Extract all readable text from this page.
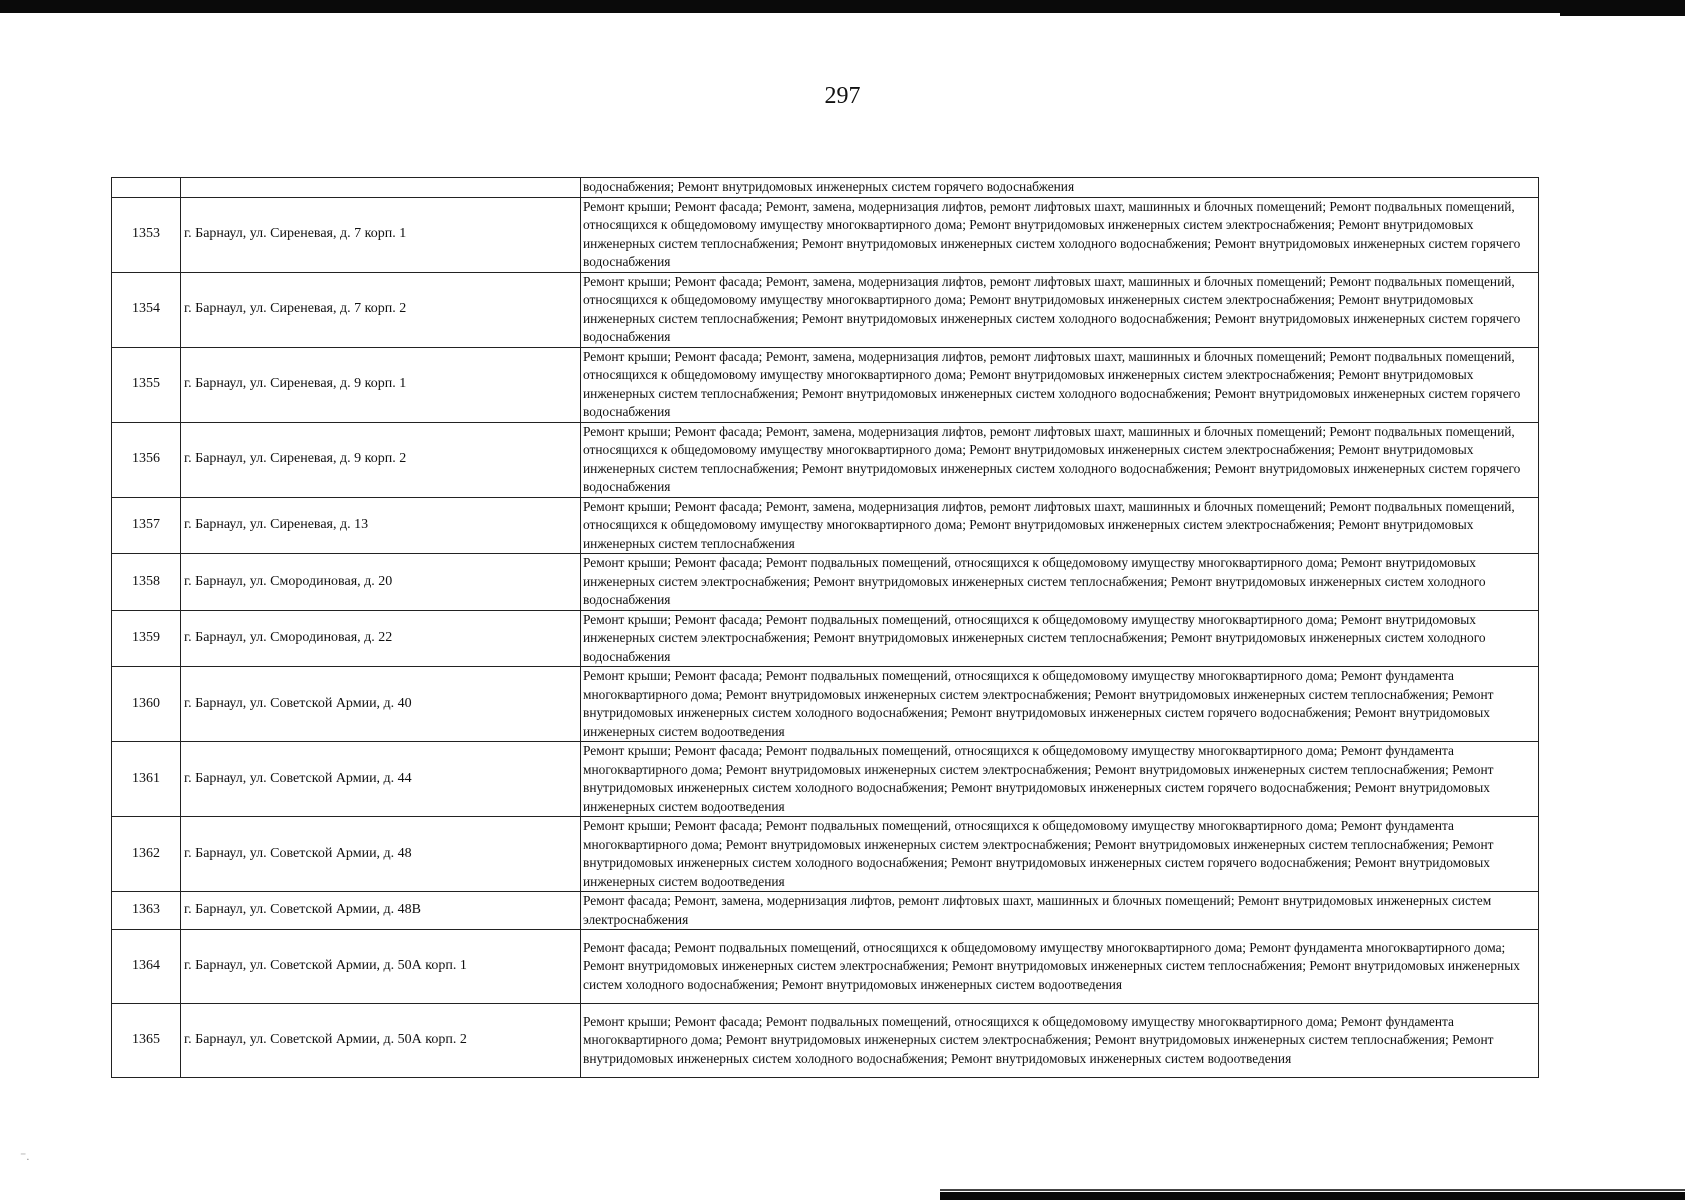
297
		водоснабжения; Ремонт внутридомовых инженерных систем горячего водоснабжения
1353	г. Барнаул, ул. Сиреневая, д. 7 корп. 1	Ремонт крыши; Ремонт фасада; Ремонт, замена, модернизация лифтов, ремонт лифтовых шахт, машинных и блочных помещений; Ремонт подвальных помещений, относящихся к общедомовому имуществу многоквартирного дома; Ремонт внутридомовых инженерных систем электроснабжения; Ремонт внутридомовых инженерных систем теплоснабжения; Ремонт внутридомовых инженерных систем холодного водоснабжения; Ремонт внутридомовых инженерных систем горячего водоснабжения
1354	г. Барнаул, ул. Сиреневая, д. 7 корп. 2	Ремонт крыши; Ремонт фасада; Ремонт, замена, модернизация лифтов, ремонт лифтовых шахт, машинных и блочных помещений; Ремонт подвальных помещений, относящихся к общедомовому имуществу многоквартирного дома; Ремонт внутридомовых инженерных систем электроснабжения; Ремонт внутридомовых инженерных систем теплоснабжения; Ремонт внутридомовых инженерных систем холодного водоснабжения; Ремонт внутридомовых инженерных систем горячего водоснабжения
1355	г. Барнаул, ул. Сиреневая, д. 9 корп. 1	Ремонт крыши; Ремонт фасада; Ремонт, замена, модернизация лифтов, ремонт лифтовых шахт, машинных и блочных помещений; Ремонт подвальных помещений, относящихся к общедомовому имуществу многоквартирного дома; Ремонт внутридомовых инженерных систем электроснабжения; Ремонт внутридомовых инженерных систем теплоснабжения; Ремонт внутридомовых инженерных систем холодного водоснабжения; Ремонт внутридомовых инженерных систем горячего водоснабжения
1356	г. Барнаул, ул. Сиреневая, д. 9 корп. 2	Ремонт крыши; Ремонт фасада; Ремонт, замена, модернизация лифтов, ремонт лифтовых шахт, машинных и блочных помещений; Ремонт подвальных помещений, относящихся к общедомовому имуществу многоквартирного дома; Ремонт внутридомовых инженерных систем электроснабжения; Ремонт внутридомовых инженерных систем теплоснабжения; Ремонт внутридомовых инженерных систем холодного водоснабжения; Ремонт внутридомовых инженерных систем горячего водоснабжения
1357	г. Барнаул, ул. Сиреневая, д. 13	Ремонт крыши; Ремонт фасада; Ремонт, замена, модернизация лифтов, ремонт лифтовых шахт, машинных и блочных помещений; Ремонт подвальных помещений, относящихся к общедомовому имуществу многоквартирного дома; Ремонт внутридомовых инженерных систем электроснабжения; Ремонт внутридомовых инженерных систем теплоснабжения
1358	г. Барнаул, ул. Смородиновая, д. 20	Ремонт крыши; Ремонт фасада; Ремонт подвальных помещений, относящихся к общедомовому имуществу многоквартирного дома; Ремонт внутридомовых инженерных систем электроснабжения; Ремонт внутридомовых инженерных систем теплоснабжения; Ремонт внутридомовых инженерных систем холодного водоснабжения
1359	г. Барнаул, ул. Смородиновая, д. 22	Ремонт крыши; Ремонт фасада; Ремонт подвальных помещений, относящихся к общедомовому имуществу многоквартирного дома; Ремонт внутридомовых инженерных систем электроснабжения; Ремонт внутридомовых инженерных систем теплоснабжения; Ремонт внутридомовых инженерных систем холодного водоснабжения
1360	г. Барнаул, ул. Советской Армии, д. 40	Ремонт крыши; Ремонт фасада; Ремонт подвальных помещений, относящихся к общедомовому имуществу многоквартирного дома; Ремонт фундамента многоквартирного дома; Ремонт внутридомовых инженерных систем электроснабжения; Ремонт внутридомовых инженерных систем теплоснабжения; Ремонт внутридомовых инженерных систем холодного водоснабжения; Ремонт внутридомовых инженерных систем горячего водоснабжения; Ремонт внутридомовых инженерных систем водоотведения
1361	г. Барнаул, ул. Советской Армии, д. 44	Ремонт крыши; Ремонт фасада; Ремонт подвальных помещений, относящихся к общедомовому имуществу многоквартирного дома; Ремонт фундамента многоквартирного дома; Ремонт внутридомовых инженерных систем электроснабжения; Ремонт внутридомовых инженерных систем теплоснабжения; Ремонт внутридомовых инженерных систем холодного водоснабжения; Ремонт внутридомовых инженерных систем горячего водоснабжения; Ремонт внутридомовых инженерных систем водоотведения
1362	г. Барнаул, ул. Советской Армии, д. 48	Ремонт крыши; Ремонт фасада; Ремонт подвальных помещений, относящихся к общедомовому имуществу многоквартирного дома; Ремонт фундамента многоквартирного дома; Ремонт внутридомовых инженерных систем электроснабжения; Ремонт внутридомовых инженерных систем теплоснабжения; Ремонт внутридомовых инженерных систем холодного водоснабжения; Ремонт внутридомовых инженерных систем горячего водоснабжения; Ремонт внутридомовых инженерных систем водоотведения
1363	г. Барнаул, ул. Советской Армии, д. 48В	Ремонт фасада; Ремонт, замена, модернизация лифтов, ремонт лифтовых шахт, машинных и блочных помещений; Ремонт внутридомовых инженерных систем электроснабжения
1364	г. Барнаул, ул. Советской Армии, д. 50А корп. 1	Ремонт фасада; Ремонт подвальных помещений, относящихся к общедомовому имуществу многоквартирного дома; Ремонт фундамента многоквартирного дома; Ремонт внутридомовых инженерных систем электроснабжения; Ремонт внутридомовых инженерных систем теплоснабжения; Ремонт внутридомовых инженерных систем холодного водоснабжения; Ремонт внутридомовых инженерных систем водоотведения
1365	г. Барнаул, ул. Советской Армии, д. 50А корп. 2	Ремонт крыши; Ремонт фасада; Ремонт подвальных помещений, относящихся к общедомовому имуществу многоквартирного дома; Ремонт фундамента многоквартирного дома; Ремонт внутридомовых инженерных систем электроснабжения; Ремонт внутридомовых инженерных систем теплоснабжения; Ремонт внутридомовых инженерных систем холодного водоснабжения; Ремонт внутридомовых инженерных систем водоотведения
⁻.
